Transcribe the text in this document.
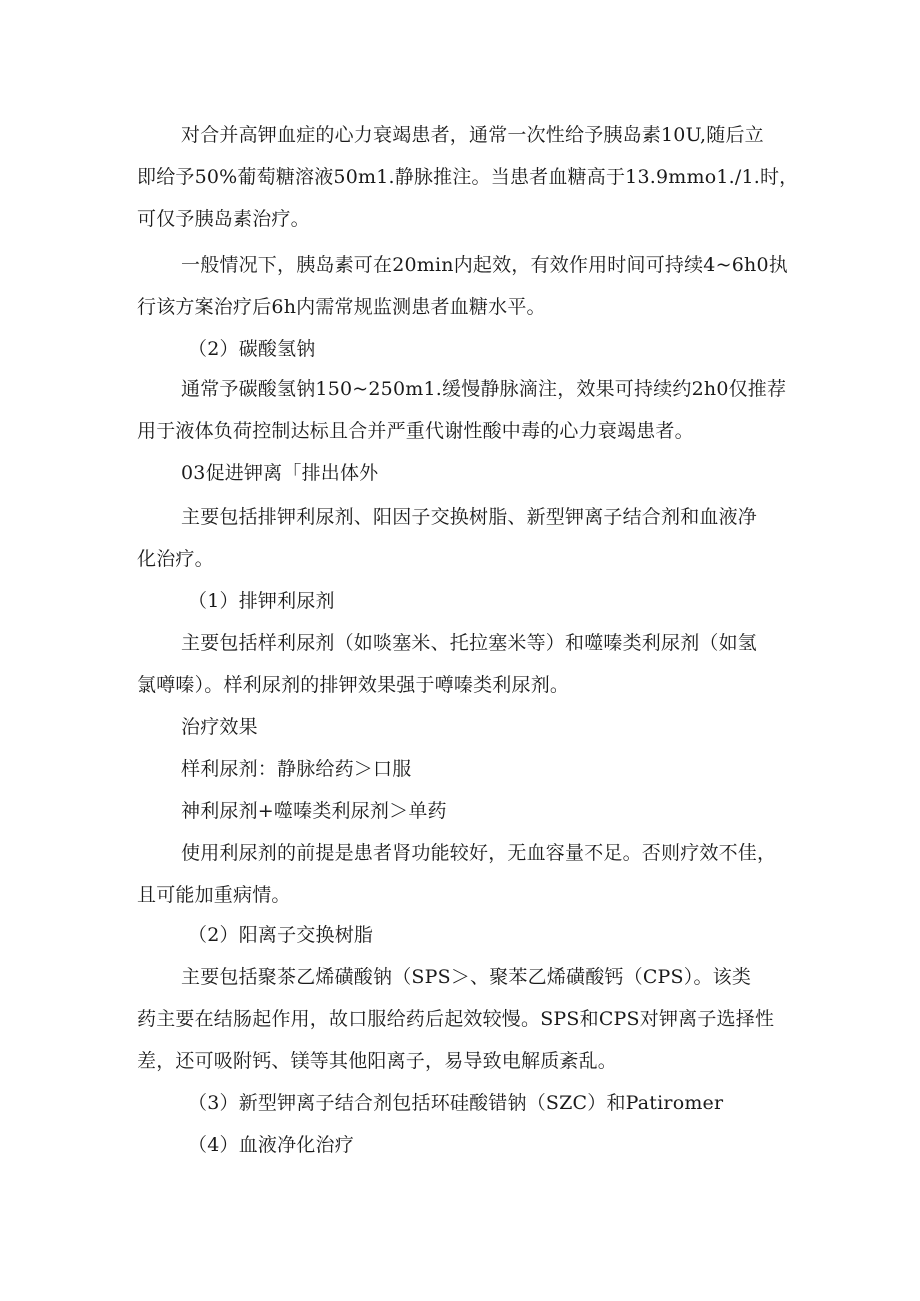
对合并高钾血症的心力衰竭患者，通常一次性给予胰岛素10U,随后立
即给予50%葡萄糖溶液50m1.静脉推注。当患者血糖高于13.9mmo1./1.时，
可仅予胰岛素治疗。

一般情况下，胰岛素可在20min内起效，有效作用时间可持续4~6h0执
行该方案治疗后6h内需常规监测患者血糖水平。

（2）碳酸氢钠

通常予碳酸氢钠150~250m1.缓慢静脉滴注，效果可持续约2h0仅推荐
用于液体负荷控制达标且合并严重代谢性酸中毒的心力衰竭患者。

03促进钾离「排出体外

主要包括排钾利尿剂、阳因子交换树脂、新型钾离子结合剂和血液净
化治疗。

（1）排钾利尿剂

主要包括样利尿剂（如啖塞米、托拉塞米等）和噬嗪类利尿剂（如氢
氯噂嗪）。样利尿剂的排钾效果强于噂嗪类利尿剂。

治疗效果

样利尿剂：静脉给药＞口服

神利尿剂+噬嗪类利尿剂＞单药

使用利尿剂的前提是患者肾功能较好，无血容量不足。否则疗效不佳，
且可能加重病情。

（2）阳离子交换树脂

主要包括聚茶乙烯磺酸钠（SPS＞、聚苯乙烯磺酸钙（CPS）。该类
药主要在结肠起作用，故口服给药后起效较慢。SPS和CPS对钾离子选择性
差，还可吸附钙、镁等其他阳离子，易导致电解质紊乱。

（3）新型钾离子结合剂包括环硅酸错钠（SZC）和Patiromer

（4）血液净化治疗
